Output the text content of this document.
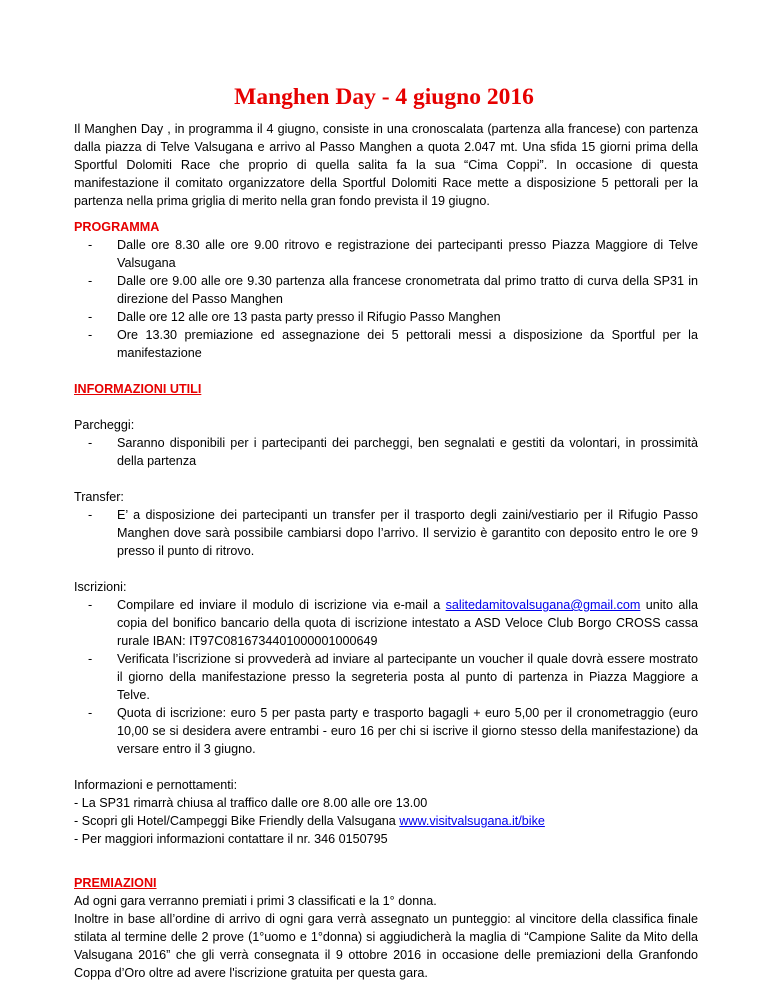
Manghen Day - 4 giugno 2016

Il Manghen Day , in programma il 4 giugno, consiste in una cronoscalata (partenza alla francese) con partenza dalla piazza di Telve Valsugana e arrivo al Passo Manghen a quota 2.047 mt. Una sfida 15 giorni prima della Sportful Dolomiti Race che proprio di quella salita fa la sua “Cima Coppi”. In occasione di questa manifestazione il comitato organizzatore della Sportful Dolomiti Race mette a disposizione 5 pettorali per la partenza nella prima griglia di merito nella gran fondo prevista il 19 giugno.

PROGRAMMA
-	Dalle ore 8.30 alle ore 9.00 ritrovo e registrazione dei partecipanti presso Piazza Maggiore di Telve Valsugana
-	Dalle ore 9.00 alle ore 9.30 partenza alla francese cronometrata dal primo tratto di curva della SP31 in direzione del Passo Manghen
-	Dalle ore 12 alle ore 13 pasta party presso il Rifugio Passo Manghen
-	Ore 13.30 premiazione ed assegnazione dei 5 pettorali messi a disposizione da Sportful per la manifestazione
INFORMAZIONI UTILI
Parcheggi:
-	Saranno disponibili per i partecipanti dei parcheggi, ben segnalati e gestiti da volontari, in prossimità della partenza
Transfer:
-	E’ a disposizione dei partecipanti un transfer per il trasporto degli zaini/vestiario per il Rifugio Passo Manghen dove sarà possibile cambiarsi dopo l’arrivo. Il servizio è garantito con deposito entro le ore 9 presso il punto di ritrovo.
Iscrizioni:
-	Compilare ed inviare il modulo di iscrizione via e-mail a salitedamitovalsugana@gmail.com unito alla copia del bonifico bancario della quota di iscrizione intestato a ASD Veloce Club Borgo CROSS cassa rurale IBAN: IT97C0816734401000001000649
-	Verificata l’iscrizione si provvederà ad inviare al partecipante un voucher il quale dovrà essere mostrato il giorno della manifestazione presso la segreteria posta al punto di partenza in Piazza Maggiore a Telve.
-	Quota di iscrizione: euro 5 per pasta party e trasporto bagagli + euro 5,00 per il cronometraggio (euro 10,00 se si desidera avere entrambi - euro 16 per chi si iscrive il giorno stesso della manifestazione) da versare entro il 3 giugno.
Informazioni e pernottamenti:
- La SP31 rimarrà chiusa al traffico dalle ore 8.00 alle ore 13.00
- Scopri gli Hotel/Campeggi Bike Friendly della Valsugana www.visitvalsugana.it/bike
- Per maggiori informazioni contattare il nr. 346 0150795
PREMIAZIONI
Ad ogni gara verranno premiati i primi 3 classificati e la 1° donna.

Inoltre in base all’ordine di arrivo di ogni gara verrà assegnato un punteggio: al vincitore della classifica finale stilata al termine delle 2 prove (1°uomo e 1°donna) si aggiudicherà la maglia di “Campione Salite da Mito della Valsugana 2016” che gli verrà consegnata il 9 ottobre 2016 in occasione delle premiazioni della Granfondo Coppa d’Oro oltre ad avere l'iscrizione gratuita per questa gara.
